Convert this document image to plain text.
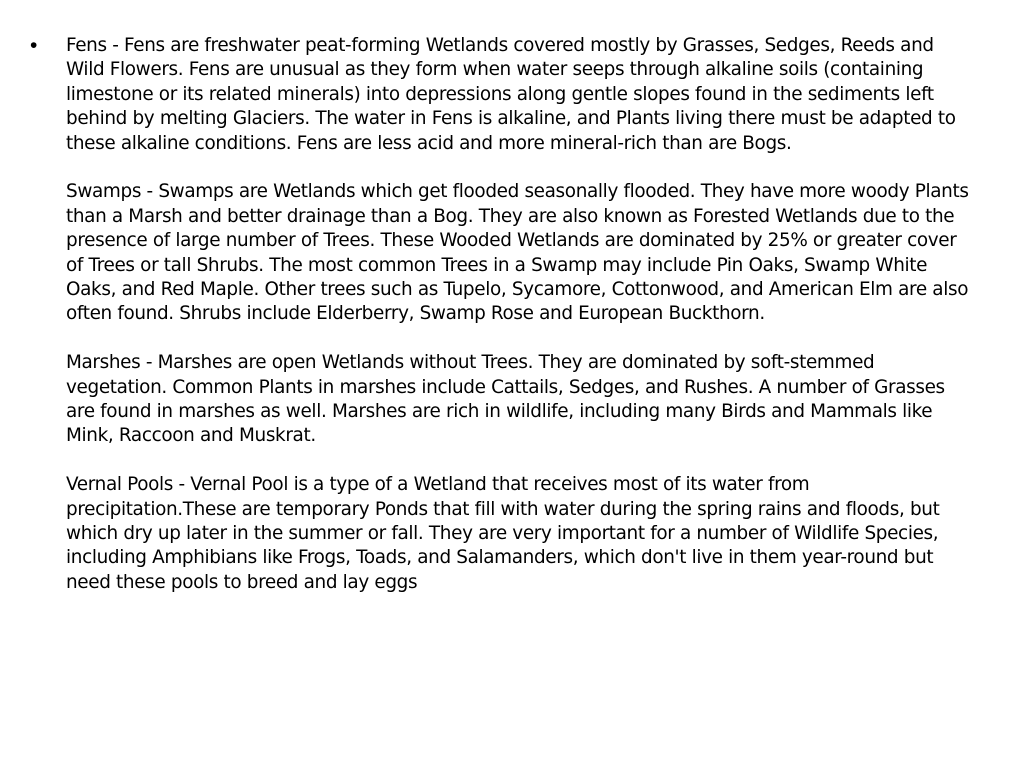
•	Fens - Fens are freshwater peat-forming Wetlands covered mostly by Grasses, Sedges, Reeds and Wild Flowers. Fens are unusual as they form when water seeps through alkaline soils (containing limestone or its related minerals) into depressions along gentle slopes found in the sediments left behind by melting Glaciers. The water in Fens is alkaline, and Plants living there must be adapted to these alkaline conditions. Fens are less acid and more mineral-rich than are Bogs.

Swamps - Swamps are Wetlands which get flooded seasonally flooded. They have more woody Plants than a Marsh and better drainage than a Bog. They are also known as Forested Wetlands due to the presence of large number of Trees. These Wooded Wetlands are dominated by 25% or greater cover of Trees or tall Shrubs. The most common Trees in a Swamp may include Pin Oaks, Swamp White Oaks, and Red Maple. Other trees such as Tupelo, Sycamore, Cottonwood, and American Elm are also often found. Shrubs include Elderberry, Swamp Rose and European Buckthorn.

Marshes - Marshes are open Wetlands without Trees. They are dominated by soft-stemmed vegetation. Common Plants in marshes include Cattails, Sedges, and Rushes. A number of Grasses are found in marshes as well. Marshes are rich in wildlife, including many Birds and Mammals like Mink, Raccoon and Muskrat.

Vernal Pools - Vernal Pool is a type of a Wetland that receives most of its water from precipitation.These are temporary Ponds that fill with water during the spring rains and floods, but which dry up later in the summer or fall. They are very important for a number of Wildlife Species, including Amphibians like Frogs, Toads, and Salamanders, which don't live in them year-round but need these pools to breed and lay eggs
